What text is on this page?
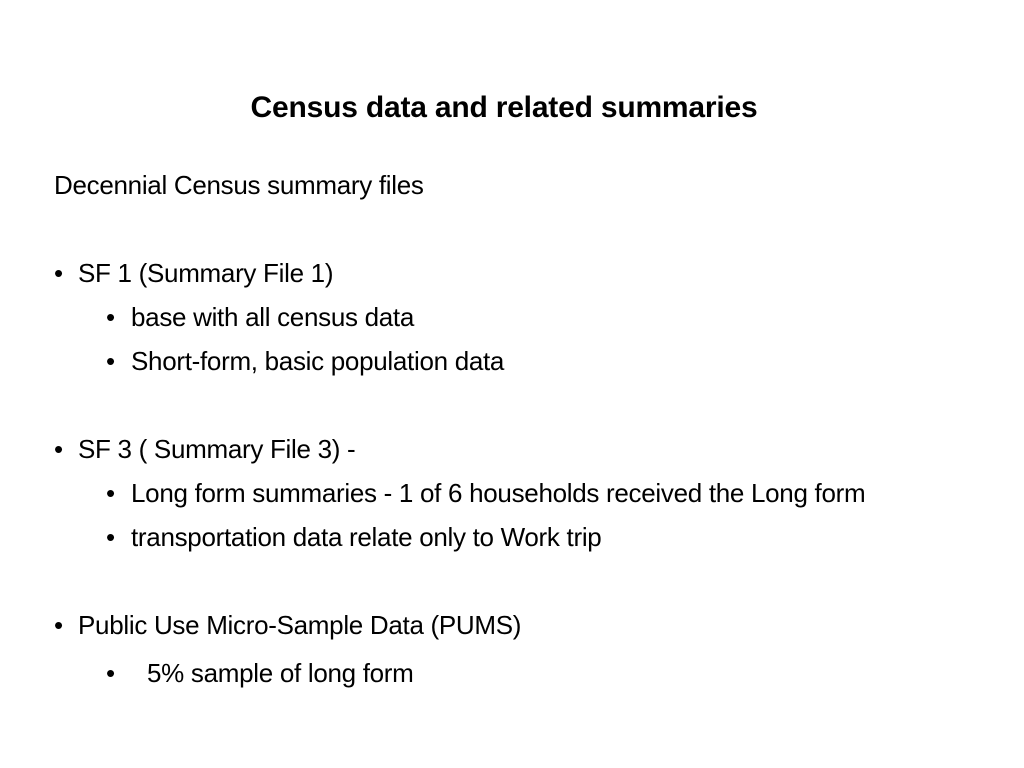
Census data and related summaries

Decennial Census summary files

• SF 1 (Summary File 1)

• base with all census data

• Short-form, basic population data

• SF 3 ( Summary File 3) -

• Long form summaries - 1 of 6 households received the Long form

• transportation data relate only to Work trip

• Public Use Micro-Sample Data (PUMS)

• 5% sample of long form
